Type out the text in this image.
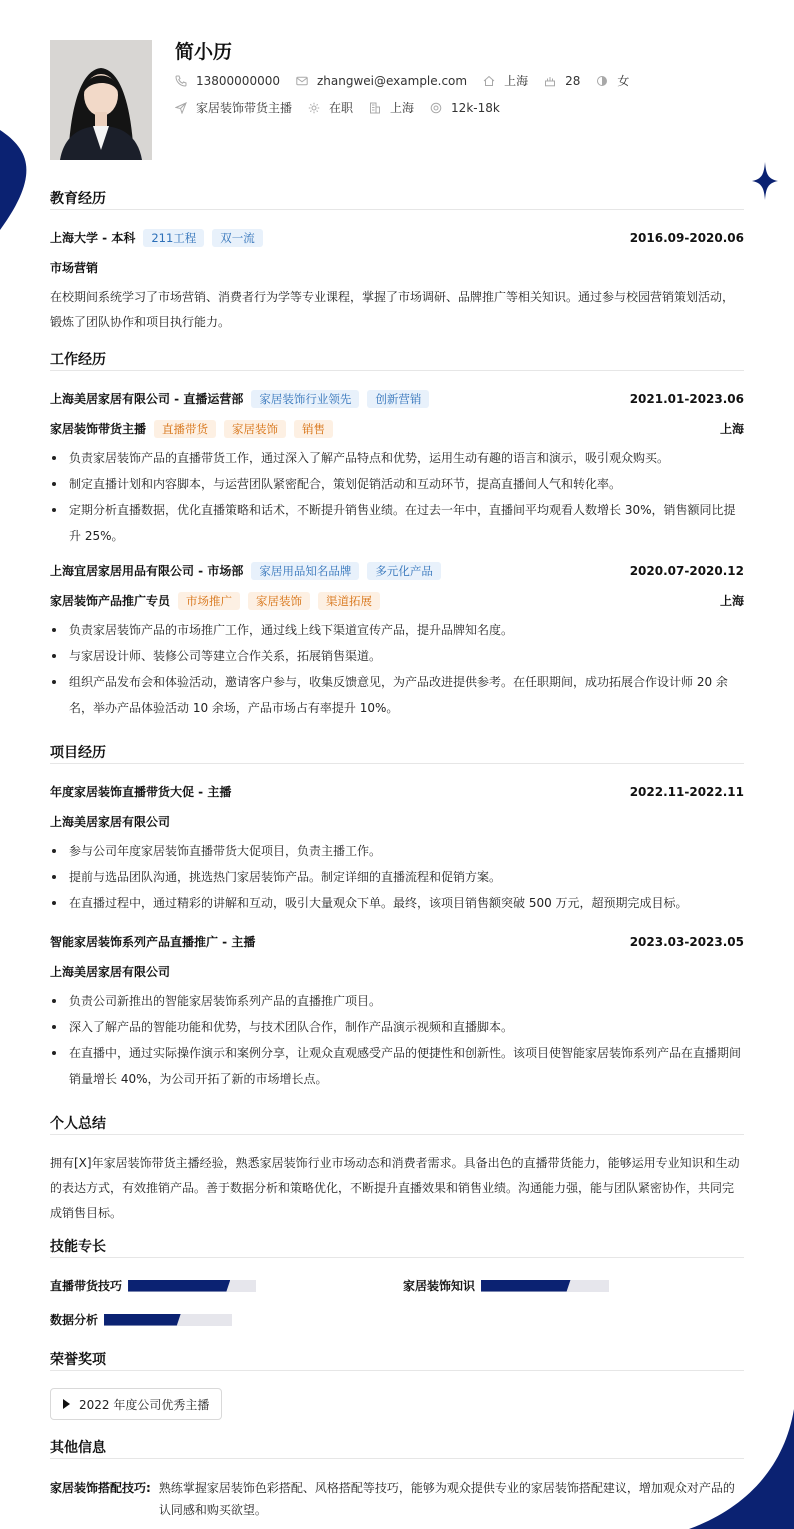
简小历
13800000000	zhangwei@example.com	上海	28	女
家居装饰带货主播	在职	上海	12k-18k
教育经历
上海大学 - 本科	211工程	双一流	2016.09-2020.06
市场营销
在校期间系统学习了市场营销、消费者行为学等专业课程，掌握了市场调研、品牌推广等相关知识。通过参与校园营销策划活动，锻炼了团队协作和项目执行能力。
工作经历
上海美居家居有限公司 - 直播运营部	家居装饰行业领先	创新营销	2021.01-2023.06
家居装饰带货主播	直播带货	家居装饰	销售	上海
负责家居装饰产品的直播带货工作，通过深入了解产品特点和优势，运用生动有趣的语言和演示，吸引观众购买。
制定直播计划和内容脚本，与运营团队紧密配合，策划促销活动和互动环节，提高直播间人气和转化率。
定期分析直播数据，优化直播策略和话术，不断提升销售业绩。在过去一年中，直播间平均观看人数增长 30%，销售额同比提升 25%。
上海宜居家居用品有限公司 - 市场部	家居用品知名品牌	多元化产品	2020.07-2020.12
家居装饰产品推广专员	市场推广	家居装饰	渠道拓展	上海
负责家居装饰产品的市场推广工作，通过线上线下渠道宣传产品，提升品牌知名度。
与家居设计师、装修公司等建立合作关系，拓展销售渠道。
组织产品发布会和体验活动，邀请客户参与，收集反馈意见，为产品改进提供参考。在任职期间，成功拓展合作设计师 20 余名，举办产品体验活动 10 余场，产品市场占有率提升 10%。
项目经历
年度家居装饰直播带货大促 - 主播	2022.11-2022.11
上海美居家居有限公司
参与公司年度家居装饰直播带货大促项目，负责主播工作。
提前与选品团队沟通，挑选热门家居装饰产品。制定详细的直播流程和促销方案。
在直播过程中，通过精彩的讲解和互动，吸引大量观众下单。最终，该项目销售额突破 500 万元，超预期完成目标。
智能家居装饰系列产品直播推广 - 主播	2023.03-2023.05
上海美居家居有限公司
负责公司新推出的智能家居装饰系列产品的直播推广项目。
深入了解产品的智能功能和优势，与技术团队合作，制作产品演示视频和直播脚本。
在直播中，通过实际操作演示和案例分享，让观众直观感受产品的便捷性和创新性。该项目使智能家居装饰系列产品在直播期间销量增长 40%，为公司开拓了新的市场增长点。
个人总结
拥有[X]年家居装饰带货主播经验，熟悉家居装饰行业市场动态和消费者需求。具备出色的直播带货能力，能够运用专业知识和生动的表达方式，有效推销产品。善于数据分析和策略优化，不断提升直播效果和销售业绩。沟通能力强，能与团队紧密协作，共同完成销售目标。
技能专长
直播带货技巧	家居装饰知识
数据分析
荣誉奖项
2022 年度公司优秀主播
其他信息
家居装饰搭配技巧: 熟练掌握家居装饰色彩搭配、风格搭配等技巧，能够为观众提供专业的家居装饰搭配建议，增加观众对产品的认同感和购买欲望。
